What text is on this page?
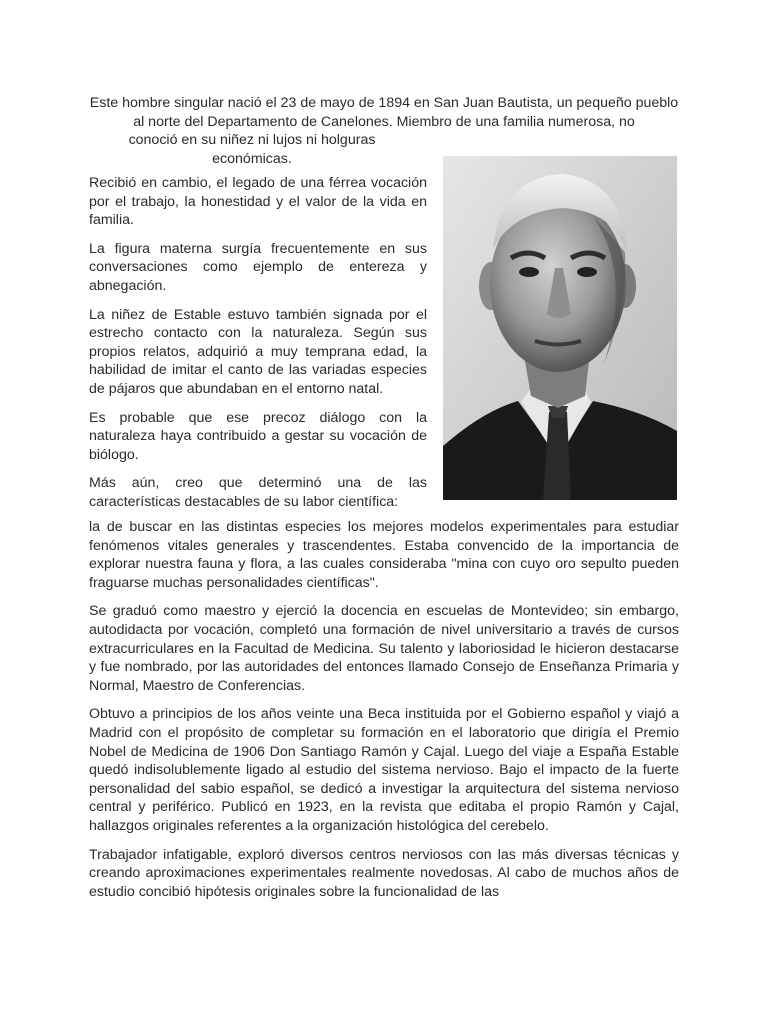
Este hombre singular nació el 23 de mayo de 1894 en San Juan Bautista, un pequeño pueblo al norte del Departamento de Canelones. Miembro de una familia numerosa, no

conoció en su niñez ni lujos ni holguras

económicas.

Recibió en cambio, el legado de una férrea vocación por el trabajo, la honestidad y el valor de la vida en familia.

La figura materna surgía frecuentemente en sus conversaciones como ejemplo de entereza y abnegación.

La niñez de Estable estuvo también signada por el estrecho contacto con la naturaleza. Según sus propios relatos, adquirió a muy temprana edad, la habilidad de imitar el canto de las variadas especies de pájaros que abundaban en el entorno natal.

Es probable que ese precoz diálogo con la naturaleza haya contribuido a gestar su vocación de biólogo.

Más aún, creo que determinó una de las características destacables de su labor científica:

la de buscar en las distintas especies los mejores modelos experimentales para estudiar fenómenos vitales generales y trascendentes. Estaba convencido de la importancia de explorar nuestra fauna y flora, a las cuales consideraba "mina con cuyo oro sepulto pueden fraguarse muchas personalidades científicas".

Se graduó como maestro y ejerció la docencia en escuelas de Montevideo; sin embargo, autodidacta por vocación, completó una formación de nivel universitario a través de cursos extracurriculares en la Facultad de Medicina. Su talento y laboriosidad le hicieron destacarse y fue nombrado, por las autoridades del entonces llamado Consejo de Enseñanza Primaria y Normal, Maestro de Conferencias.

Obtuvo a principios de los años veinte una Beca instituida por el Gobierno español y viajó a Madrid con el propósito de completar su formación en el laboratorio que dirigía el Premio Nobel de Medicina de 1906 Don Santiago Ramón y Cajal. Luego del viaje a España Estable quedó indisolublemente ligado al estudio del sistema nervioso. Bajo el impacto de la fuerte personalidad del sabio español, se dedicó a investigar la arquitectura del sistema nervioso central y periférico. Publicó en 1923, en la revista que editaba el propio Ramón y Cajal, hallazgos originales referentes a la organización histológica del cerebelo.

Trabajador infatigable, exploró diversos centros nerviosos con las más diversas técnicas y creando aproximaciones experimentales realmente novedosas. Al cabo de muchos años de estudio concibió hipótesis originales sobre la funcionalidad de las
